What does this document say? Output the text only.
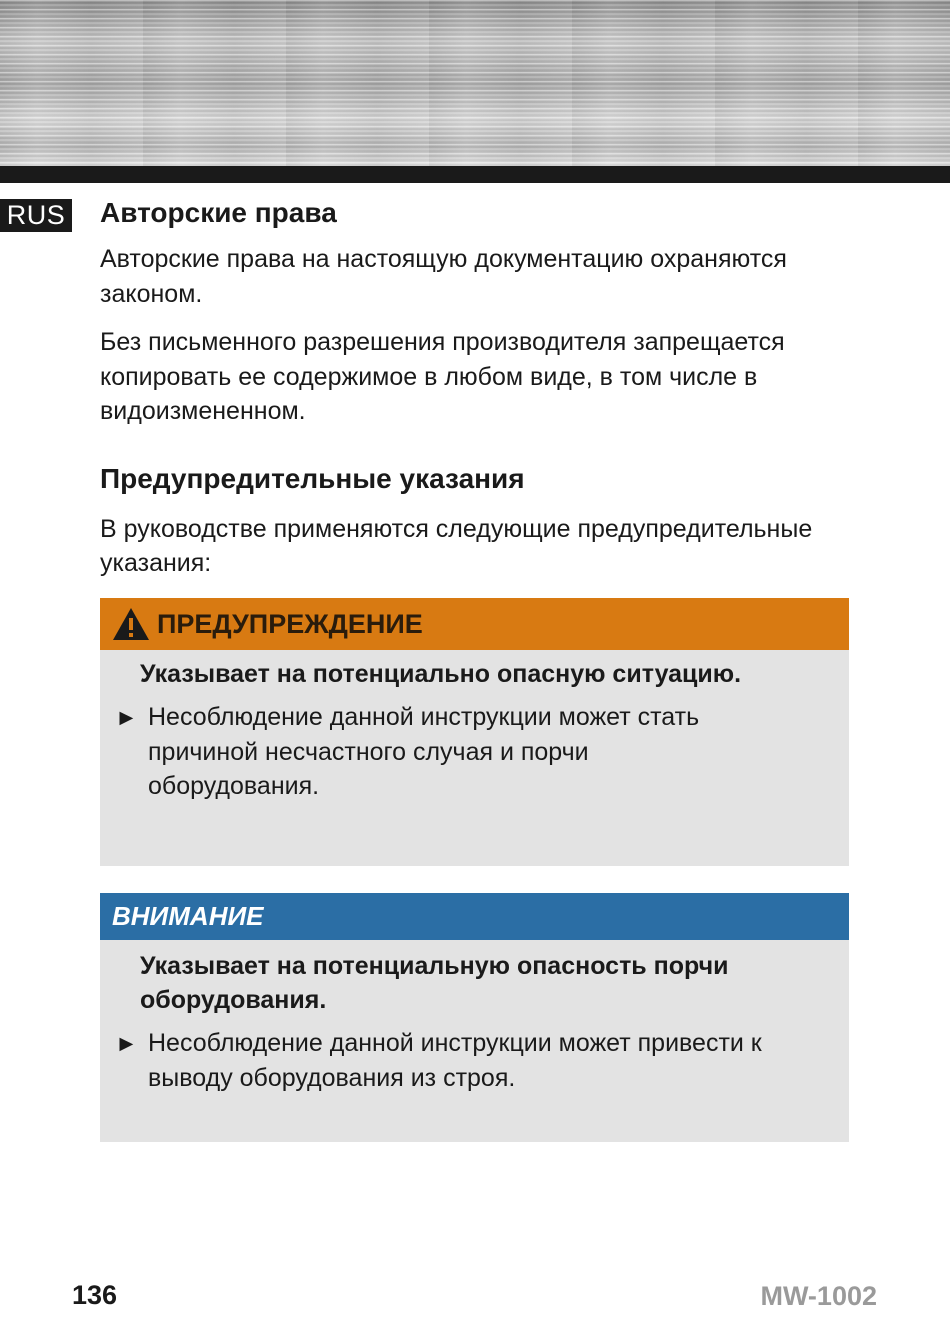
RUS Авторские права

Авторские права на настоящую документацию охраняются законом.

Без письменного разрешения производителя запрещается копировать ее содержимое в любом виде, в том числе в видоизмененном.

Предупредительные указания

В руководстве применяются следующие предупредительные указания:

ПРЕДУПРЕЖДЕНИЕ

Указывает на потенциально опасную ситуацию.

► Несоблюдение данной инструкции может стать причиной несчастного случая и порчи оборудования.
ВНИМАНИЕ

Указывает на потенциальную опасность порчи оборудования.

► Несоблюдение данной инструкции может привести к выводу оборудования из строя.
136	MW-1002
